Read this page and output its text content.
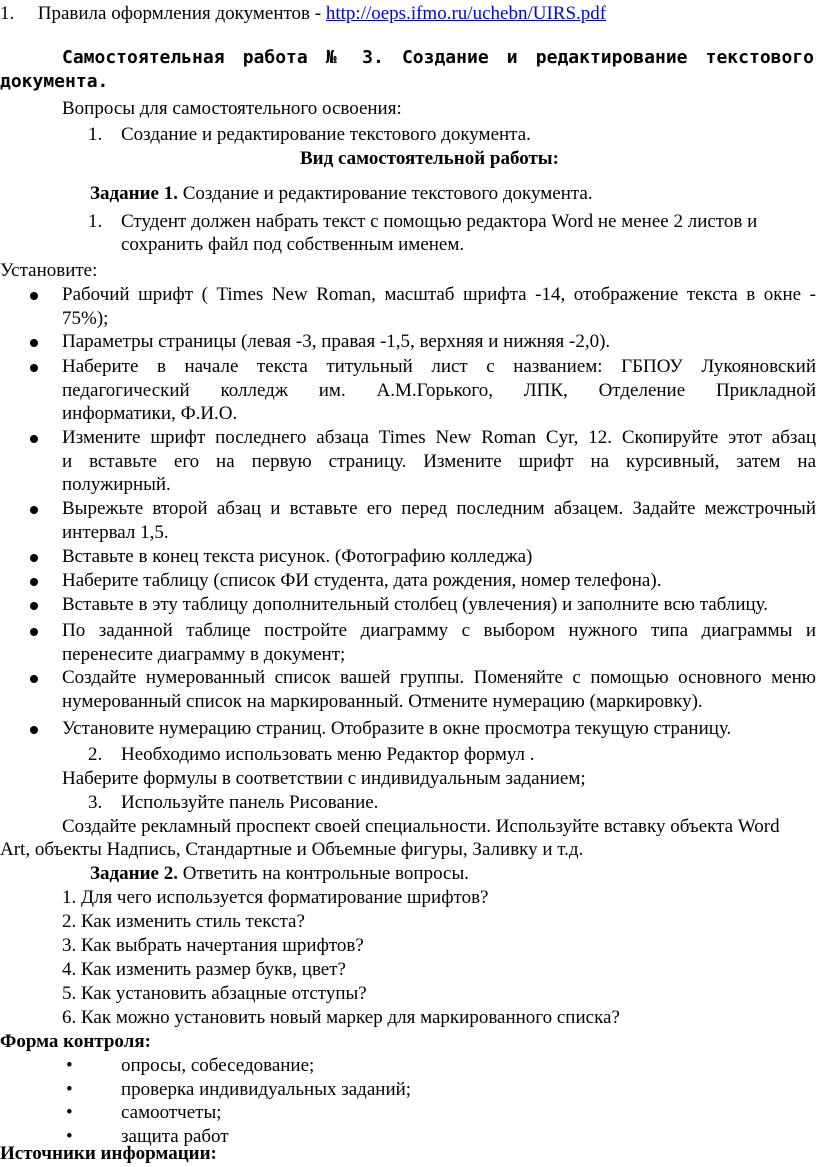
1. Правила оформления документов - http://oeps.ifmo.ru/uchebn/UIRS.pdf
Самостоятельная работа № 3. Создание и редактирование текстового
документа.
Вопросы для самостоятельного освоения:
1. Создание и редактирование текстового документа.
Вид самостоятельной работы:
Задание 1. Создание и редактирование текстового документа.
1. Студент должен набрать текст с помощью редактора Word не менее 2 листов и
сохранить файл под собственным именем.
Установите:
Рабочий шрифт ( Times New Roman, масштаб шрифта -14, отображение текста в окне -
75%);
Параметры страницы (левая -3, правая -1,5, верхняя и нижняя -2,0).
Наберите в начале текста титульный лист с названием: ГБПОУ Лукояновский
педагогический колледж им. А.М.Горького, ЛПК, Отделение Прикладной
информатики, Ф.И.О.
Измените шрифт последнего абзаца Times New Roman Cyr, 12. Скопируйте этот абзац
и вставьте его на первую страницу. Измените шрифт на курсивный, затем на
полужирный.
Вырежьте второй абзац и вставьте его перед последним абзацем. Задайте межстрочный
интервал 1,5.
Вставьте в конец текста рисунок. (Фотографию колледжа)
Наберите таблицу (список ФИ студента, дата рождения, номер телефона).
Вставьте в эту таблицу дополнительный столбец (увлечения) и заполните всю таблицу.
По заданной таблице постройте диаграмму с выбором нужного типа диаграммы и
перенесите диаграмму в документ;
Создайте нумерованный список вашей группы. Поменяйте с помощью основного меню
нумерованный список на маркированный. Отмените нумерацию (маркировку).
Установите нумерацию страниц. Отобразите в окне просмотра текущую страницу.
2. Необходимо использовать меню Редактор формул .
Наберите формулы в соответствии с индивидуальным заданием;
3. Используйте панель Рисование.
Создайте рекламный проспект своей специальности. Используйте вставку объекта Word
Art, объекты Надпись, Стандартные и Объемные фигуры, Заливку и т.д.
Задание 2. Ответить на контрольные вопросы.
1. Для чего используется форматирование шрифтов?
2. Как изменить стиль текста?
3. Как выбрать начертания шрифтов?
4. Как изменить размер букв, цвет?
5. Как установить абзацные отступы?
6. Как можно установить новый маркер для маркированного списка?
Форма контроля:
•	опросы, собеседование;
•	проверка индивидуальных заданий;
•	самоотчеты;
•	защита работ
Источники информации:
